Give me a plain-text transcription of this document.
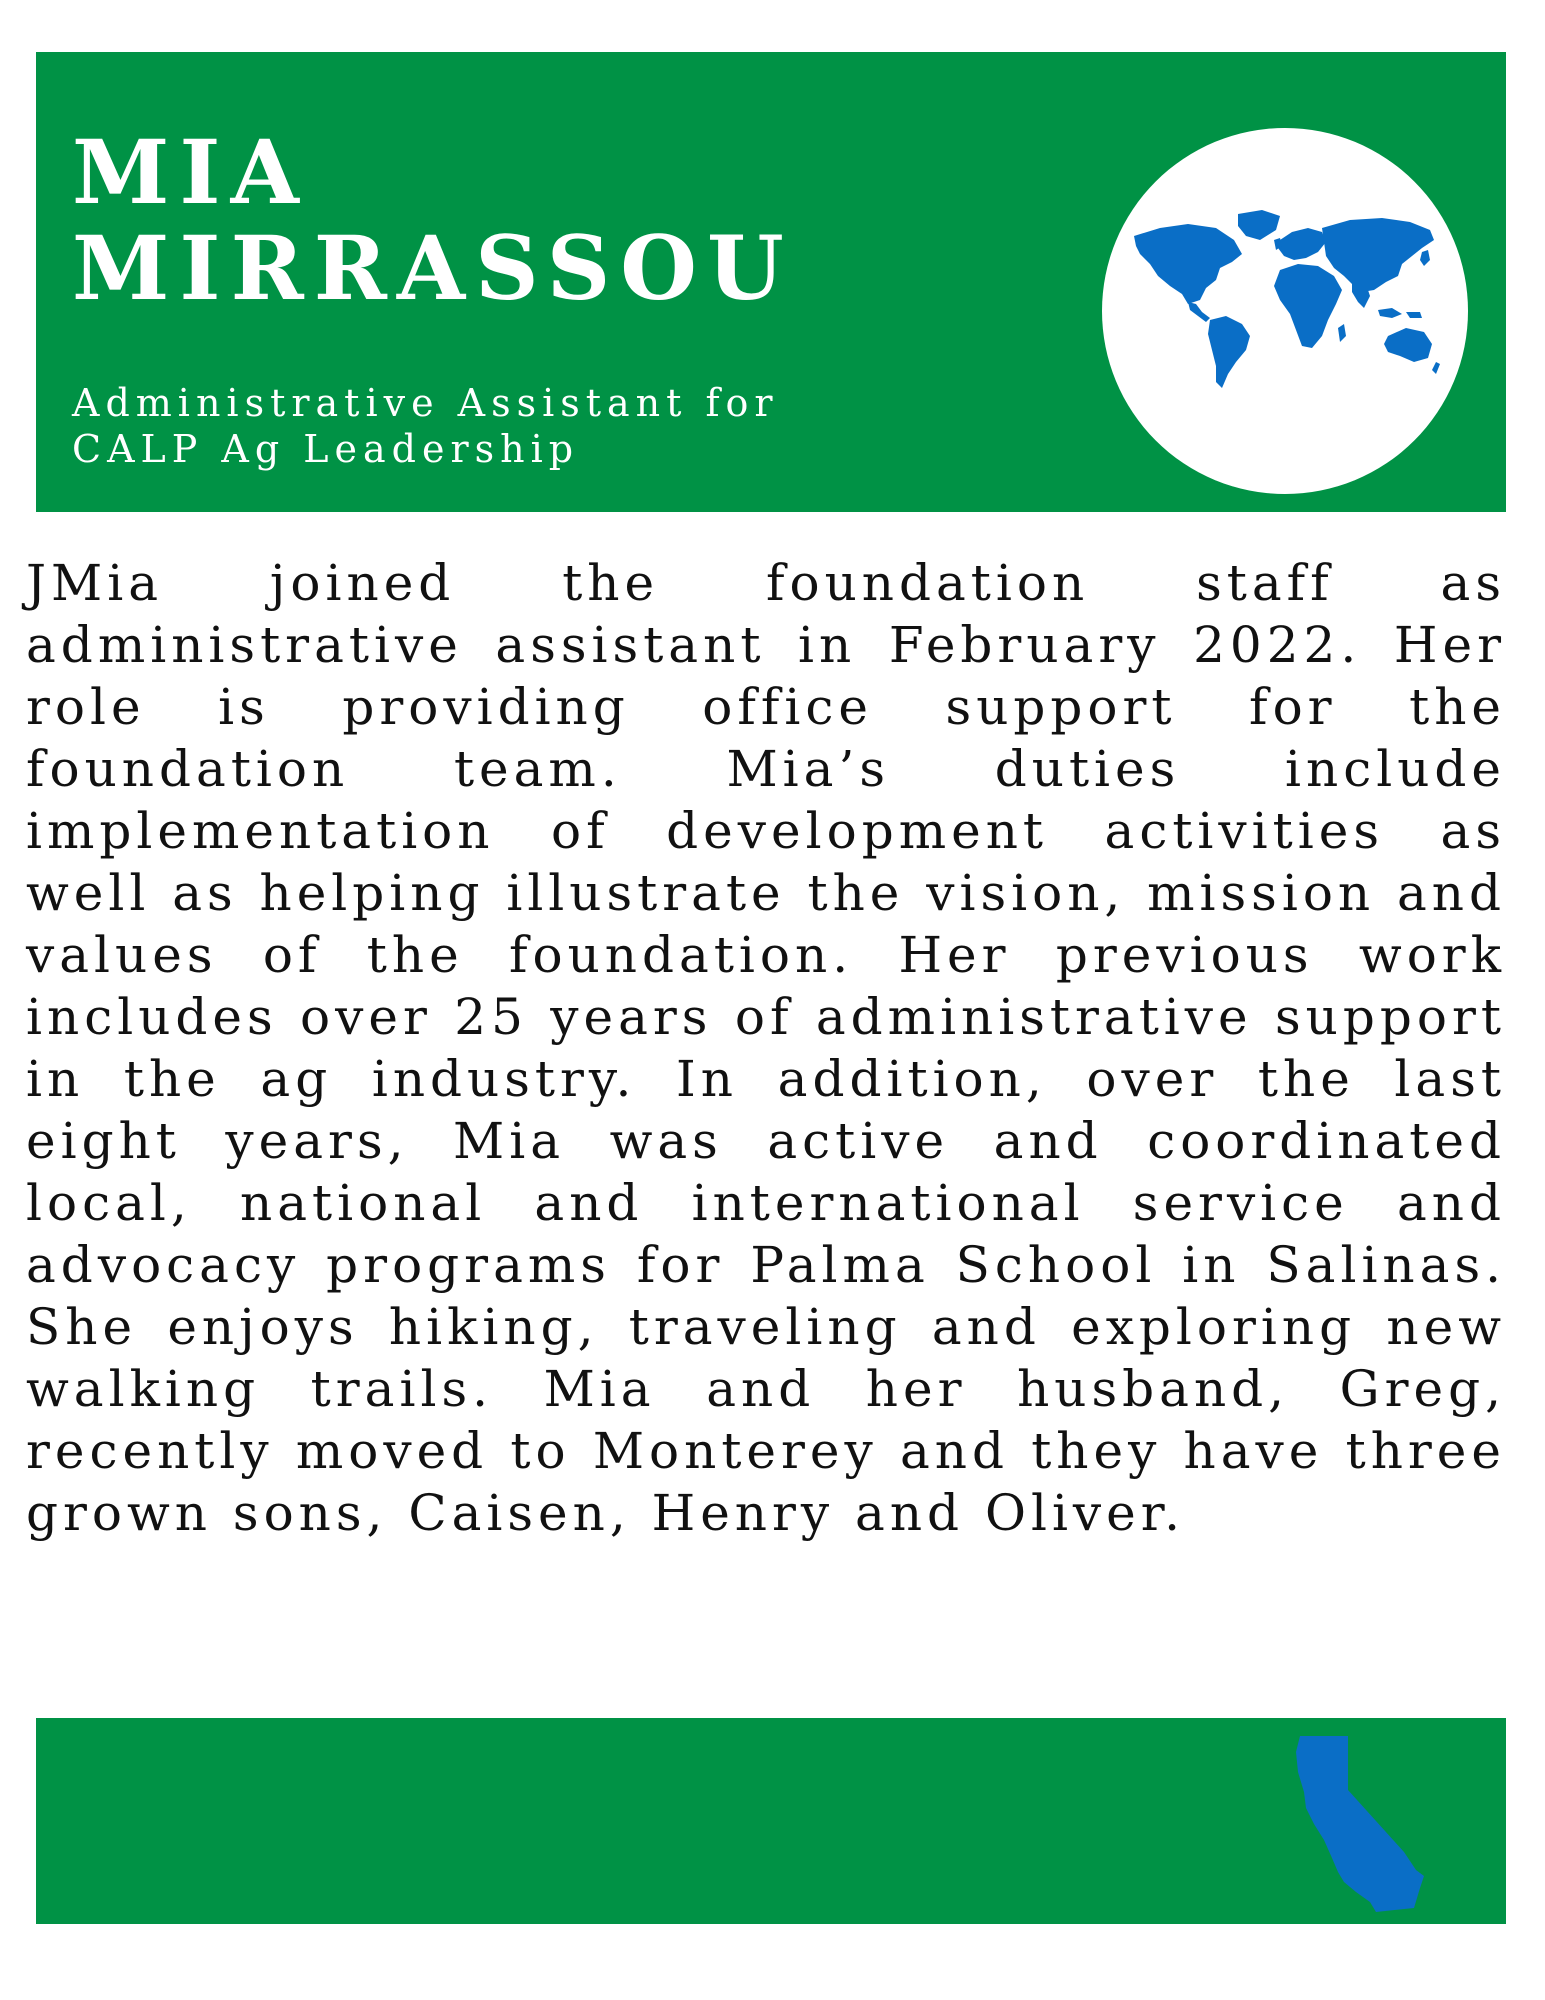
MIA
MIRRASSOU

Administrative Assistant for
CALP Ag Leadership

JMia joined the foundation staff as administrative assistant in February 2022. Her role is providing office support for the foundation team. Mia’s duties include implementation of development activities as well as helping illustrate the vision, mission and values of the foundation. Her previous work includes over 25 years of administrative support in the ag industry. In addition, over the last eight years, Mia was active and coordinated local, national and international service and advocacy programs for Palma School in Salinas. She enjoys hiking, traveling and exploring new walking trails. Mia and her husband, Greg, recently moved to Monterey and they have three grown sons, Caisen, Henry and Oliver.
